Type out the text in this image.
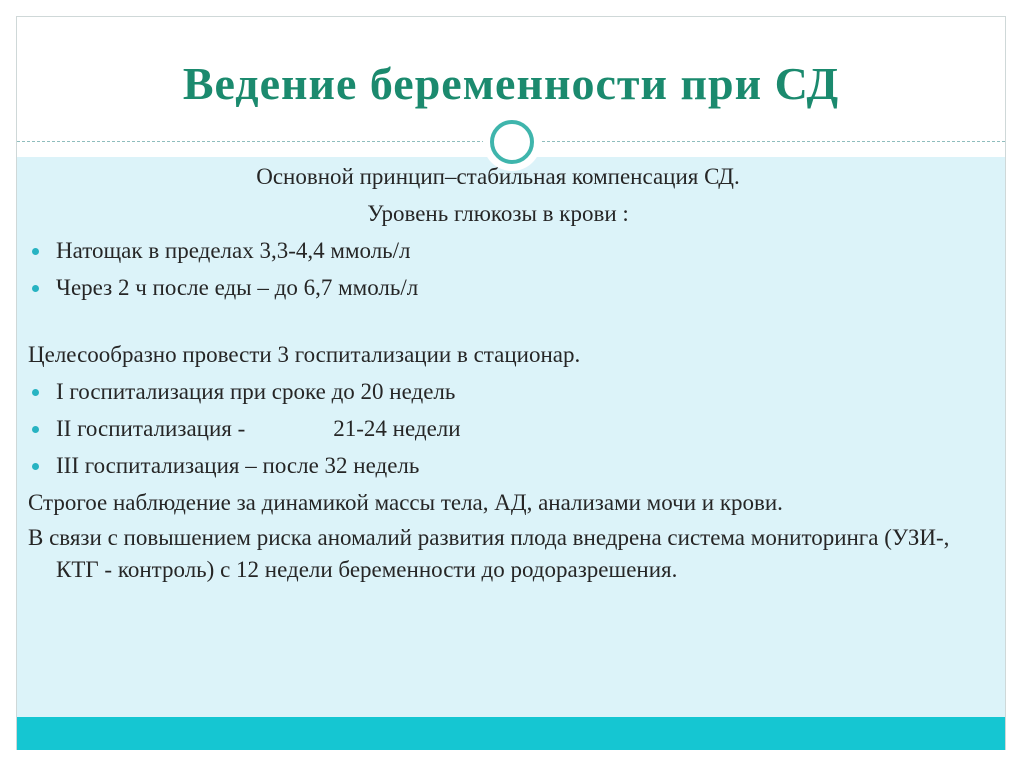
Ведение беременности при СД
Основной принцип–стабильная компенсация СД.
Уровень глюкозы в крови :
Натощак в пределах 3,3-4,4 ммоль/л
Через 2 ч после еды – до 6,7 ммоль/л
Целесообразно провести 3 госпитализации в стационар.
I госпитализация при сроке до 20 недель
II госпитализация -	21-24 недели
III госпитализация – после 32 недель
Строгое наблюдение за динамикой массы тела, АД, анализами мочи и крови.
В связи с повышением риска аномалий развития плода внедрена система мониторинга (УЗИ-, КТГ - контроль) с 12 недели беременности до родоразрешения.
